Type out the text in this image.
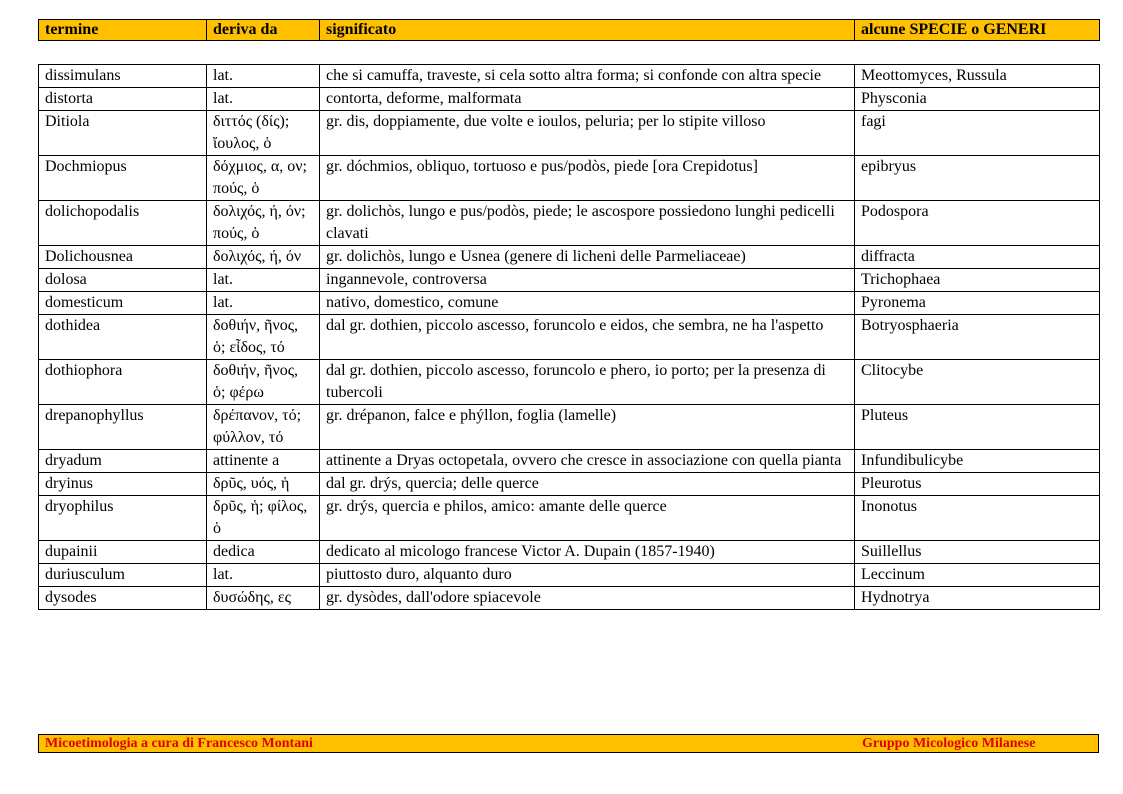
termine	deriva da	significato	alcune SPECIE o GENERI
dissimulans	lat.	che si camuffa, traveste, si cela sotto altra forma; si confonde con altra specie	Meottomyces, Russula
distorta	lat.	contorta, deforme, malformata	Physconia
Ditiola	διττός (δίς); ἴουλος, ὁ	gr. dis, doppiamente, due volte e ioulos, peluria; per lo stipite villoso	fagi
Dochmiopus	δόχμιος, α, ον; πούς, ὁ	gr. dóchmios, obliquo, tortuoso e pus/podòs, piede [ora Crepidotus]	epibryus
dolichopodalis	δολιχός, ή, όν; πούς, ὁ	gr. dolichòs, lungo e pus/podòs, piede; le ascospore possiedono lunghi pedicelli clavati	Podospora
Dolichousnea	δολιχός, ή, όν	gr. dolichòs, lungo e Usnea (genere di licheni delle Parmeliaceae)	diffracta
dolosa	lat.	ingannevole, controversa	Trichophaea
domesticum	lat.	nativo, domestico, comune	Pyronema
dothidea	δοθιήν, ῆνος, ὁ; εἶδος, τό	dal gr. dothien, piccolo ascesso, foruncolo e eidos, che sembra, ne ha l'aspetto	Botryosphaeria
dothiophora	δοθιήν, ῆνος, ὁ; φέρω	dal gr. dothien, piccolo ascesso, foruncolo e phero, io porto; per la presenza di tubercoli	Clitocybe
drepanophyllus	δρέπανον, τό; φύλλον, τό	gr. drépanon, falce e phýllon, foglia (lamelle)	Pluteus
dryadum	attinente a	attinente a Dryas octopetala, ovvero che cresce in associazione con quella pianta	Infundibulicybe
dryinus	δρῦς, υός, ἡ	dal gr. drýs, quercia; delle querce	Pleurotus
dryophilus	δρῦς, ἡ; φίλος, ὁ	gr. drýs, quercia e philos, amico: amante delle querce	Inonotus
dupainii	dedica	dedicato al micologo francese Victor A. Dupain (1857-1940)	Suillellus
duriusculum	lat.	piuttosto duro, alquanto duro	Leccinum
dysodes	δυσώδης, ες	gr. dysòdes, dall'odore spiacevole	Hydnotrya
Micoetimologia a cura di Francesco Montani	Gruppo Micologico Milanese
